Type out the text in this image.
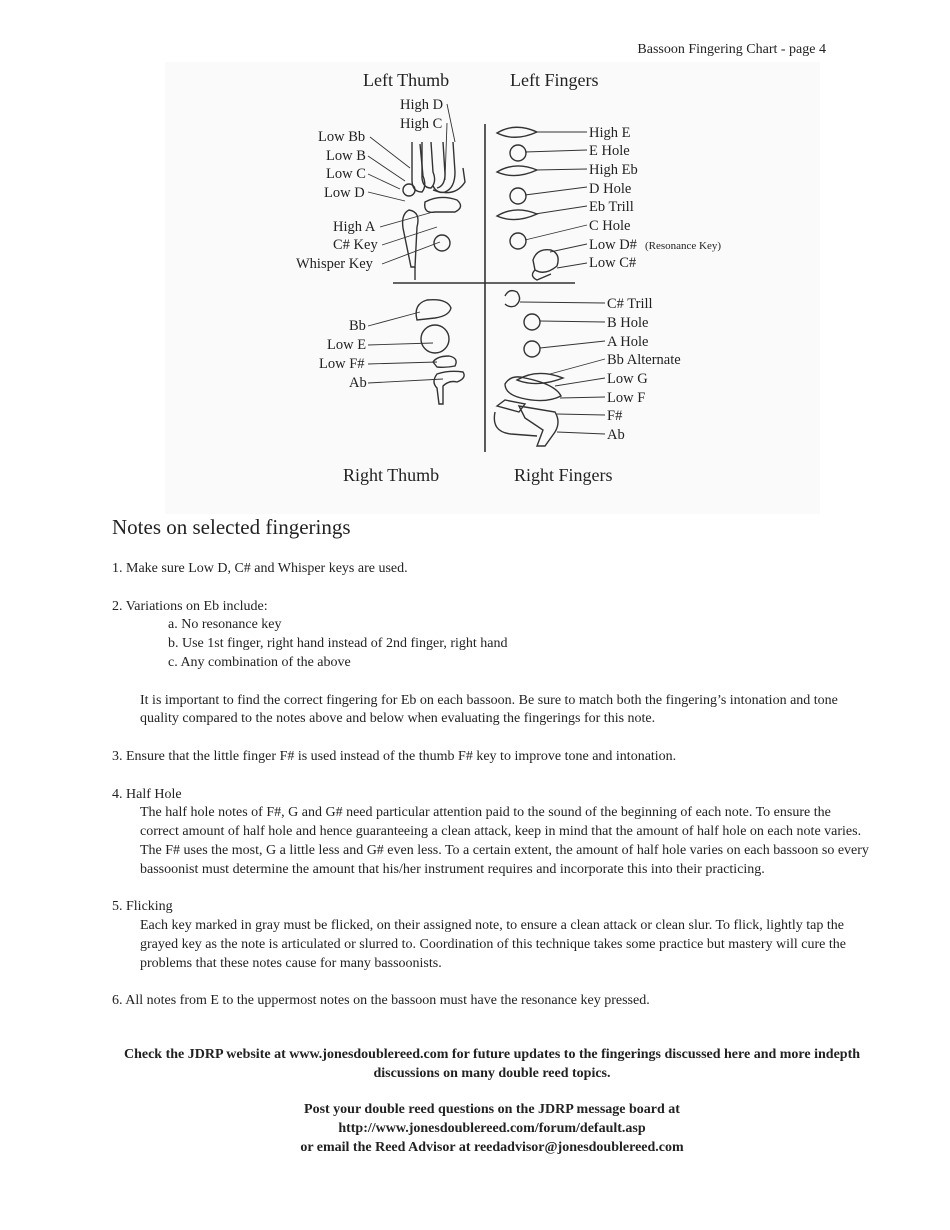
Bassoon Fingering Chart - page 4
Left Thumb	Left Fingers
Right Thumb	Right Fingers
High D
High C
Low Bb
Low B
Low C
Low D
High A
C# Key
Whisper Key
High E
E Hole
High Eb
D Hole
Eb Trill
C Hole
Low D# (Resonance Key)
Low C#
Bb
Low E
Low F#
Ab
C# Trill
B Hole
A Hole
Bb Alternate
Low G
Low F
F#
Ab
Notes on selected fingerings

1. Make sure Low D, C# and Whisper keys are used.

2. Variations on Eb include:

a. No resonance key

b. Use 1st finger, right hand instead of 2nd finger, right hand

c. Any combination of the above

It is important to find the correct fingering for Eb on each bassoon. Be sure to match both the fingering’s intonation and tone quality compared to the notes above and below when evaluating the fingerings for this note.

3. Ensure that the little finger F# is used instead of the thumb F# key to improve tone and intonation.

4. Half Hole

The half hole notes of F#, G and G# need particular attention paid to the sound of the beginning of each note. To ensure the correct amount of half hole and hence guaranteeing a clean attack, keep in mind that the amount of half hole on each note varies. The F# uses the most, G a little less and G# even less. To a certain extent, the amount of half hole varies on each bassoon so every bassoonist must determine the amount that his/her instrument requires and incorporate this into their practicing.

5. Flicking

Each key marked in gray must be flicked, on their assigned note, to ensure a clean attack or clean slur. To flick, lightly tap the grayed key as the note is articulated or slurred to. Coordination of this technique takes some practice but mastery will cure the problems that these notes cause for many bassoonists.

6. All notes from E to the uppermost notes on the bassoon must have the resonance key pressed.

Check the JDRP website at www.jonesdoublereed.com for future updates to the fingerings discussed here and more indepth discussions on many double reed topics.

Post your double reed questions on the JDRP message board at

http://www.jonesdoublereed.com/forum/default.asp

or email the Reed Advisor at reedadvisor@jonesdoublereed.com
